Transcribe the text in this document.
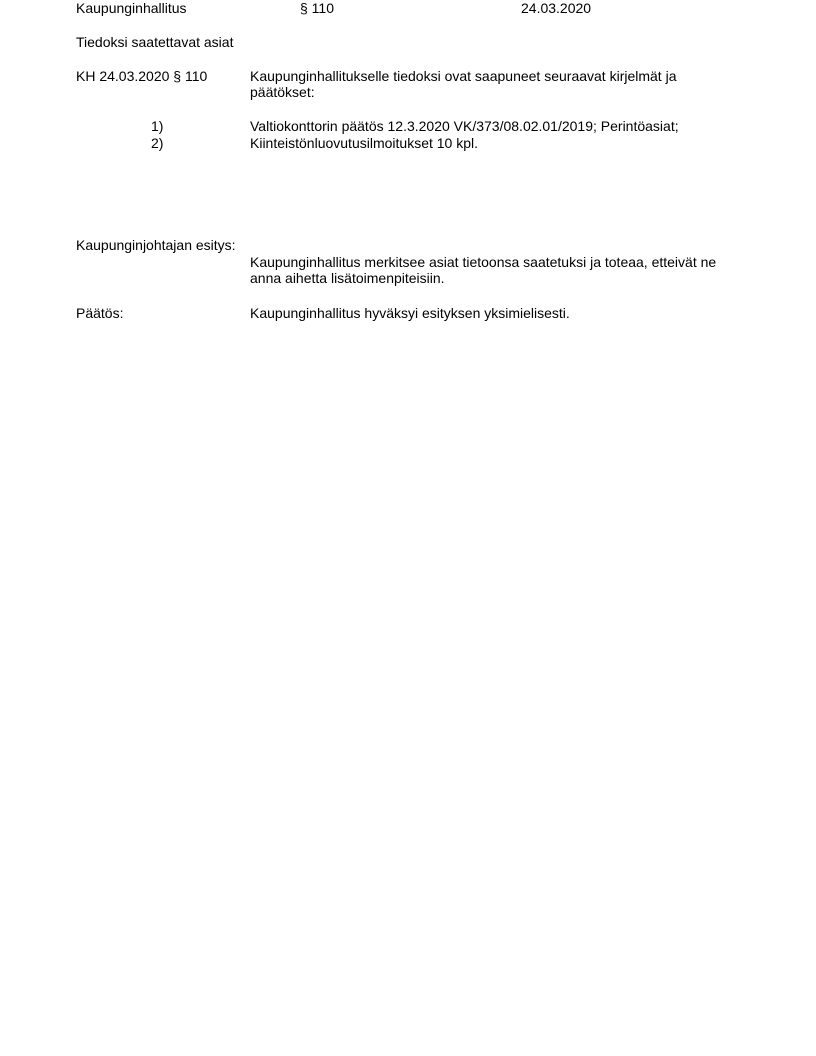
Kaupunginhallitus	§ 110	24.03.2020
Tiedoksi saatettavat asiat
KH 24.03.2020 § 110	Kaupunginhallitukselle tiedoksi ovat saapuneet seuraavat kirjelmät ja päätökset:
1)	Valtiokonttorin päätös 12.3.2020 VK/373/08.02.01/2019; Perintöasiat;
2)	Kiinteistönluovutusilmoitukset 10 kpl.
Kaupunginjohtajan esitys:
Kaupunginhallitus merkitsee asiat tietoonsa saatetuksi ja toteaa, etteivät ne anna aihetta lisätoimenpiteisiin.
Päätös:	Kaupunginhallitus hyväksyi esityksen yksimielisesti.
